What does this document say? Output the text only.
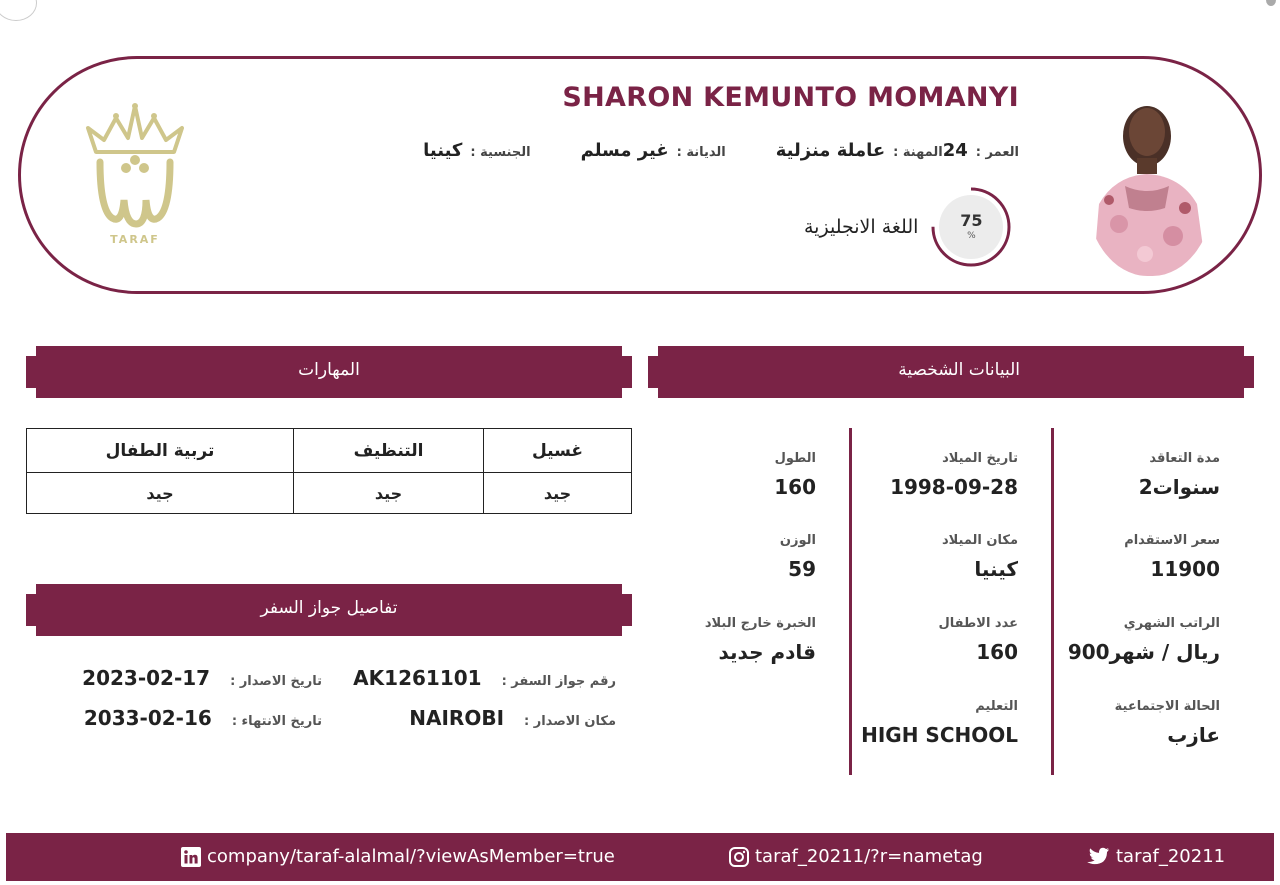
TARAF
SHARON KEMUNTO MOMANYI
الجنسية :
كينيا	الديانة :
غير مسلم	المهنة :
عاملة منزلية	العمر :
24
اللغة الانجليزية	75
%
البيانات الشخصية
مدة التعاقد
2سنوات
سعر الاستقدام
11900
الراتب الشهري
900ريال / شهر
الحالة الاجتماعية
عازب
تاريخ الميلاد
1998-09-28
مكان الميلاد
كينيا
عدد الاطفال
160
التعليم
HIGH SCHOOL
الطول
160
الوزن
59
الخبرة خارج البلاد
قادم جديد
المهارات
غسيل	التنظيف	تربية الطفال
جيد	جيد	جيد
تفاصيل جواز السفر
رقم جواز السفر :
AK1261101
مكان الاصدار :
NAIROBI
تاريخ الاصدار :
2023-02-17
تاريخ الانتهاء :
2033-02-16
company/taraf-alalmal/?viewAsMember=true	taraf_20211/?r=nametag	taraf_20211
